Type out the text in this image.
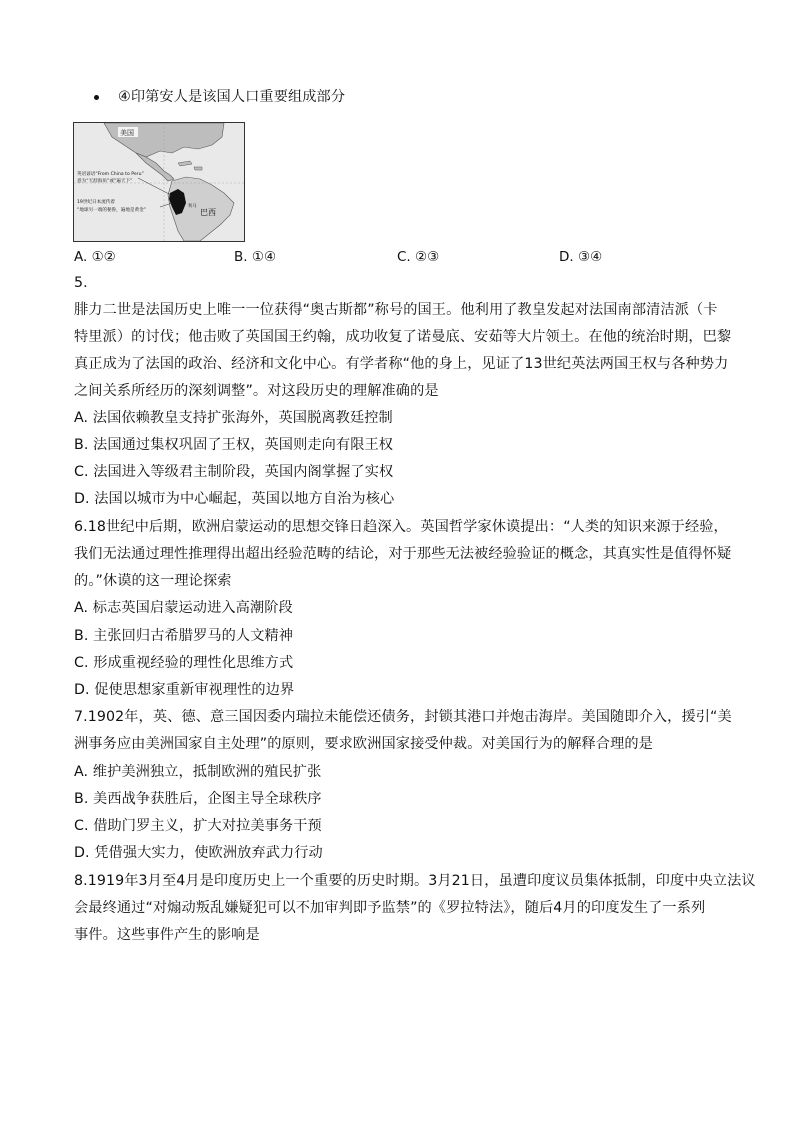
④印第安人是该国人口重要组成部分
美国
巴西
英语谚语“From China to Peru”
意为“天涯海角”或“遍天下”
19世纪日本流传着
“地球另一端的秘鲁，遍地是黄金”
利马
A. ①②	B. ①④	C. ②③	D. ③④
5.
腓力二世是法国历史上唯一一位获得“奥古斯都”称号的国王。他利用了教皇发起对法国南部清洁派（卡
特里派）的讨伐；他击败了英国国王约翰，成功收复了诺曼底、安茹等大片领土。在他的统治时期，巴黎
真正成为了法国的政治、经济和文化中心。有学者称“他的身上，见证了13世纪英法两国王权与各种势力
之间关系所经历的深刻调整”。对这段历史的理解准确的是
A. 法国依赖教皇支持扩张海外，英国脱离教廷控制
B. 法国通过集权巩固了王权，英国则走向有限王权
C. 法国进入等级君主制阶段，英国内阁掌握了实权
D. 法国以城市为中心崛起，英国以地方自治为核心
6.18世纪中后期，欧洲启蒙运动的思想交锋日趋深入。英国哲学家休谟提出：“人类的知识来源于经验，
我们无法通过理性推理得出超出经验范畴的结论，对于那些无法被经验验证的概念，其真实性是值得怀疑
的。”休谟的这一理论探索
A. 标志英国启蒙运动进入高潮阶段
B. 主张回归古希腊罗马的人文精神
C. 形成重视经验的理性化思维方式
D. 促使思想家重新审视理性的边界
7.1902年，英、德、意三国因委内瑞拉未能偿还债务，封锁其港口并炮击海岸。美国随即介入，援引“美
洲事务应由美洲国家自主处理”的原则，要求欧洲国家接受仲裁。对美国行为的解释合理的是
A. 维护美洲独立，抵制欧洲的殖民扩张
B. 美西战争获胜后，企图主导全球秩序
C. 借助门罗主义，扩大对拉美事务干预
D. 凭借强大实力，使欧洲放弃武力行动
8.1919年3月至4月是印度历史上一个重要的历史时期。3月21日，虽遭印度议员集体抵制，印度中央立法议
会最终通过“对煽动叛乱嫌疑犯可以不加审判即予监禁”的《罗拉特法》，随后4月的印度发生了一系列
事件。这些事件产生的影响是
